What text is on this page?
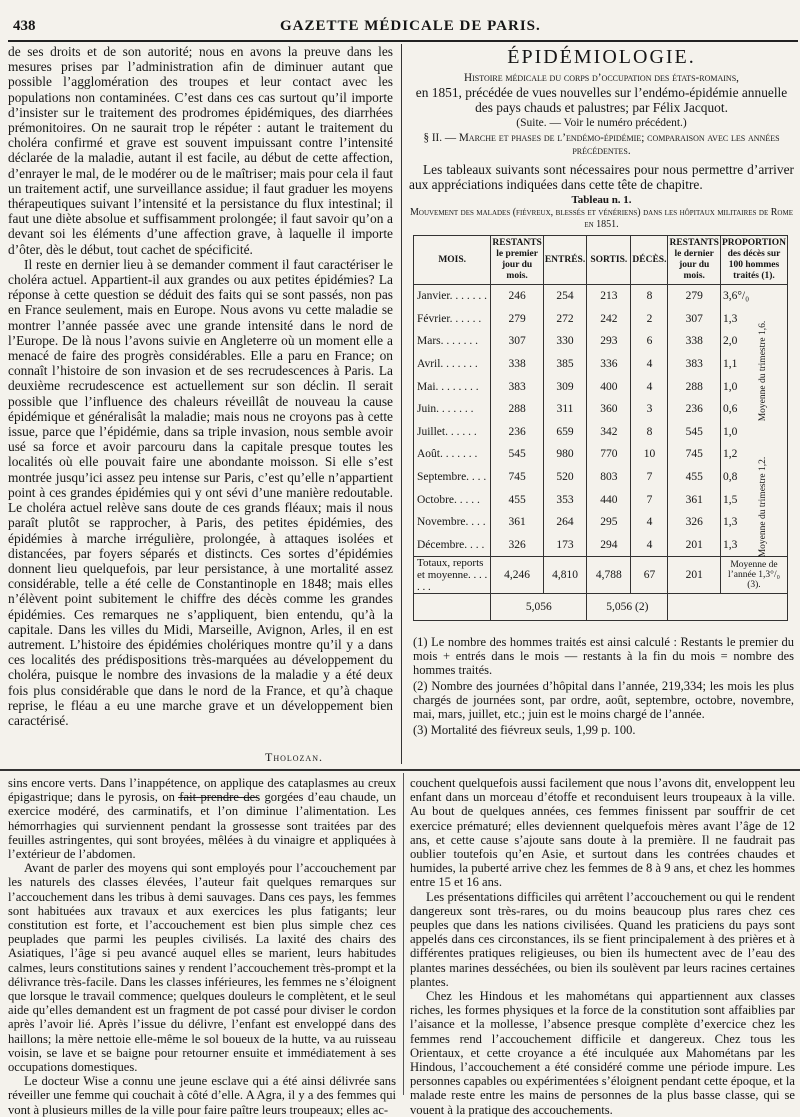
438	GAZETTE MÉDICALE DE PARIS.

de ses droits et de son autorité; nous en avons la preuve dans les mesures prises par l’administration afin de diminuer autant que possible l’agglomération des troupes et leur contact avec les populations non contaminées. C’est dans ces cas surtout qu’il importe d’insister sur le traitement des prodromes épidémiques, des diarrhées prémonitoires. On ne saurait trop le répéter : autant le traitement du choléra confirmé et grave est souvent impuissant contre l’intensité déclarée de la maladie, autant il est facile, au début de cette affection, d’enrayer le mal, de le modérer ou de le maîtriser; mais pour cela il faut un traitement actif, une surveillance assidue; il faut graduer les moyens thérapeutiques suivant l’intensité et la persistance du flux intestinal; il faut une diète absolue et suffisamment prolongée; il faut savoir qu’on a devant soi les éléments d’une affection grave, à laquelle il importe d’ôter, dès le début, tout cachet de spécificité.

Il reste en dernier lieu à se demander comment il faut caractériser le choléra actuel. Appartient-il aux grandes ou aux petites épidémies? La réponse à cette question se déduit des faits qui se sont passés, non pas en France seulement, mais en Europe. Nous avons vu cette maladie se montrer l’année passée avec une grande intensité dans le nord de l’Europe. De là nous l’avons suivie en Angleterre où un moment elle a menacé de faire des progrès considérables. Elle a paru en France; on connaît l’histoire de son invasion et de ses recrudescences à Paris. La deuxième recrudescence est actuellement sur son déclin. Il serait possible que l’influence des chaleurs réveillât de nouveau la cause épidémique et généralisât la maladie; mais nous ne croyons pas à cette issue, parce que l’épidémie, dans sa triple invasion, nous semble avoir usé sa force et avoir parcouru dans la capitale presque toutes les localités où elle pouvait faire une abondante moisson. Si elle s’est montrée jusqu’ici assez peu intense sur Paris, c’est qu’elle n’appartient point à ces grandes épidémies qui y ont sévi d’une manière redoutable. Le choléra actuel relève sans doute de ces grands fléaux; mais il nous paraît plutôt se rapprocher, à Paris, des petites épidémies, des épidémies à marche irrégulière, prolongée, à attaques isolées et distancées, par foyers séparés et distincts. Ces sortes d’épidémies donnent lieu quelquefois, par leur persistance, à une mortalité assez considérable, telle a été celle de Constantinople en 1848; mais elles n’élèvent point subitement le chiffre des décès comme les grandes épidémies. Ces remarques ne s’appliquent, bien entendu, qu’à la capitale. Dans les villes du Midi, Marseille, Avignon, Arles, il en est autrement. L’histoire des épidémies cholériques montre qu’il y a dans ces localités des prédispositions très-marquées au développement du choléra, puisque le nombre des invasions de la maladie y a été deux fois plus considérable que dans le nord de la France, et qu’à chaque reprise, le fléau a eu une marche grave et un développement bien caractérisé.

Tholozan.

ÉPIDÉMIOLOGIE.

Histoire médicale du corps d’occupation des états-romains,

en 1851, précédée de vues nouvelles sur l’endémo-épidémie annuelle des pays chauds et palustres; par Félix Jacquot.

(Suite. — Voir le numéro précédent.)

§ II. — Marche et phases de l’endémo-épidémie; comparaison avec les années précédentes.

Les tableaux suivants sont nécessaires pour nous permettre d’arriver aux appréciations indiquées dans cette tête de chapitre.

Tableau n. 1.

Mouvement des malades (fiévreux, blessés et vénériens) dans les hôpitaux militaires de Rome en 1851.

MOIS.	RESTANTS le premier jour du mois.	ENTRÉS.	SORTIS.	DÉCÈS.	RESTANTS le dernier jour du mois.	PROPORTION des décès sur 100 hommes traités (1).
Janvier. . . . . . .	246	254	213	8	279	3,6°/₀
Février. . . . . .	279	272	242	2	307	1,3
Mars. . . . . . .	307	330	293	6	338	2,0 Moyenne du trimestre 1,6.

Avril. . . . . . .	338	385	336	4	383	1,1
Mai. . . . . . . .	383	309	400	4	288	1,0
Juin. . . . . . .	288	311	360	3	236	0,6
Juillet. . . . . .	236	659	342	8	545	1,0
Août. . . . . . .	545	980	770	10	745	1,2
Septembre. . . .	745	520	803	7	455	0,8 Moyenne du trimestre 1,2.

Octobre. . . . .	455	353	440	7	361	1,5
Novembre. . . .	361	264	295	4	326	1,3
Décembre. . . .	326	173	294	4	201	1,3
Totaux, reports et moyenne. . . . . . .	4,246	4,810	4,788	67	201	Moyenne de l’année 1,3°/₀ (3).
	5,056		5,056 (2)			

(1) Le nombre des hommes traités est ainsi calculé : Restants le premier du mois + entrés dans le mois — restants à la fin du mois = nombre des hommes traités.

(2) Nombre des journées d’hôpital dans l’année, 219,334; les mois les plus chargés de journées sont, par ordre, août, septembre, octobre, novembre, mai, mars, juillet, etc.; juin est le moins chargé de l’année.

(3) Mortalité des fiévreux seuls, 1,99 p. 100.

sins encore verts. Dans l’inappétence, on applique des cataplasmes au creux épigastrique; dans le pyrosis, on fait prendre des gorgées d’eau chaude, un exercice modéré, des carminatifs, et l’on diminue l’alimentation. Les hémorrhagies qui surviennent pendant la grossesse sont traitées par des feuilles astringentes, qui sont broyées, mêlées à du vinaigre et appliquées à l’extérieur de l’abdomen.

Avant de parler des moyens qui sont employés pour l’accouchement par les naturels des classes élevées, l’auteur fait quelques remarques sur l’accouchement dans les tribus à demi sauvages. Dans ces pays, les femmes sont habituées aux travaux et aux exercices les plus fatigants; leur constitution est forte, et l’accouchement est bien plus simple chez ces peuplades que parmi les peuples civilisés. La laxité des chairs des Asiatiques, l’âge si peu avancé auquel elles se marient, leurs habitudes calmes, leurs constitutions saines y rendent l’accouchement très-prompt et la délivrance très-facile. Dans les classes inférieures, les femmes ne s’éloignent que lorsque le travail commence; quelques douleurs le complètent, et le seul aide qu’elles demandent est un fragment de pot cassé pour diviser le cordon après l’avoir lié. Après l’issue du délivre, l’enfant est enveloppé dans des haillons; la mère nettoie elle-même le sol boueux de la hutte, va au ruisseau voisin, se lave et se baigne pour retourner ensuite et immédiatement à ses occupations domestiques.

Le docteur Wise a connu une jeune esclave qui a été ainsi délivrée sans réveiller une femme qui couchait à côté d’elle. A Agra, il y a des femmes qui vont à plusieurs milles de la ville pour faire paître leurs troupeaux; elles ac-

couchent quelquefois aussi facilement que nous l’avons dit, enveloppent leu enfant dans un morceau d’étoffe et reconduisent leurs troupeaux à la ville. Au bout de quelques années, ces femmes finissent par souffrir de cet exercice prématuré; elles deviennent quelquefois mères avant l’âge de 12 ans, et cette cause s’ajoute sans doute à la première. Il ne faudrait pas oublier toutefois qu’en Asie, et surtout dans les contrées chaudes et humides, la puberté arrive chez les femmes de 8 à 9 ans, et chez les hommes entre 15 et 16 ans.

Les présentations difficiles qui arrêtent l’accouchement ou qui le rendent dangereux sont très-rares, ou du moins beaucoup plus rares chez ces peuples que dans les nations civilisées. Quand les praticiens du pays sont appelés dans ces circonstances, ils se fient principalement à des prières et à différentes pratiques religieuses, ou bien ils humectent avec de l’eau des plantes marines desséchées, ou bien ils soulèvent par leurs racines certaines plantes.

Chez les Hindous et les mahométans qui appartiennent aux classes riches, les formes physiques et la force de la constitution sont affaiblies par l’aisance et la mollesse, l’absence presque complète d’exercice chez les femmes rend l’accouchement difficile et dangereux. Chez tous les Orientaux, et cette croyance a été inculquée aux Mahométans par les Hindous, l’accouchement a été considéré comme une période impure. Les personnes capables ou expérimentées s’éloignent pendant cette époque, et la malade reste entre les mains de personnes de la plus basse classe, qui se vouent à la pratique des accouchements.
